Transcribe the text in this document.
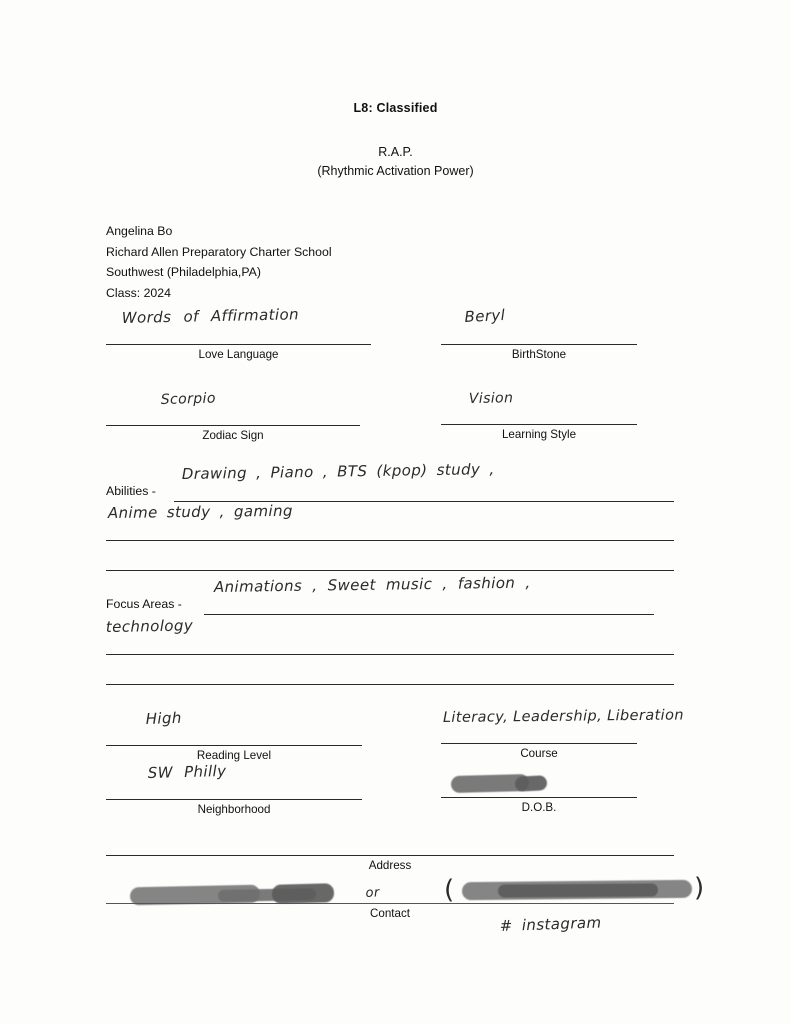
L8: Classified
R.A.P.
(Rhythmic Activation Power)
Angelina Bo
Richard Allen Preparatory Charter School
Southwest (Philadelphia,PA)
Class: 2024
Words of Affirmation
Love Language
Beryl
BirthStone
Scorpio
Zodiac Sign
Vision
Learning Style
Abilities -
Drawing , Piano , BTS (kpop) study ,
Anime study , gaming
Focus Areas -
Animations , Sweet music , fashion ,
technology
High
Reading Level
Literacy, Leadership, Liberation
Course
SW Philly
Neighborhood	D.O.B.
Address
Contact
or (	)
# instagram
